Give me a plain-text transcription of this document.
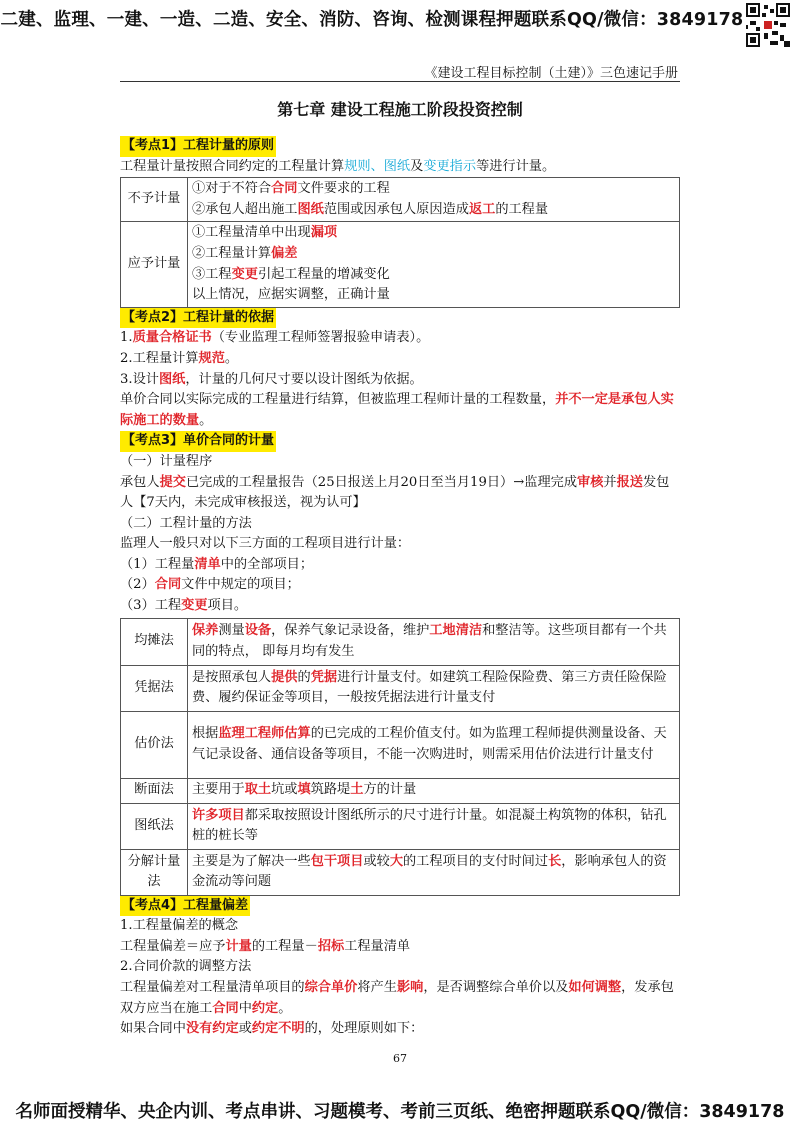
二建、监理、一建、一造、二造、安全、消防、咨询、检测课程押题联系QQ/微信：3849178
《建设工程目标控制（土建）》三色速记手册
第七章 建设工程施工阶段投资控制
【考点1】工程计量的原则

工程量计量按照合同约定的工程量计算规则、图纸及变更指示等进行计量。

不予计量	①对于不符合合同文件要求的工程
②承包人超出施工图纸范围或因承包人原因造成返工的工程量

应予计量	①工程量清单中出现漏项
②工程量计算偏差
③工程变更引起工程量的增减变化
以上情况，应据实调整，正确计量
【考点2】工程计量的依据

1.质量合格证书（专业监理工程师签署报验申请表）。

2.工程量计算规范。

3.设计图纸，计量的几何尺寸要以设计图纸为依据。

单价合同以实际完成的工程量进行结算，但被监理工程师计量的工程数量，并不一定是承包人实际施工的数量。

【考点3】单价合同的计量

（一）计量程序

承包人提交已完成的工程量报告（25日报送上月20日至当月19日）→监理完成审核并报送发包人【7天内，未完成审核报送，视为认可】

（二）工程计量的方法

监理人一般只对以下三方面的工程项目进行计量：

（1）工程量清单中的全部项目；

（2）合同文件中规定的项目；

（3）工程变更项目。

均摊法	保养测量设备，保养气象记录设备，维护工地清洁和整洁等。这些项目都有一个共同的特点， 即每月均有发生
凭据法	是按照承包人提供的凭据进行计量支付。如建筑工程险保险费、第三方责任险保险费、履约保证金等项目，一般按凭据法进行计量支付
估价法	根据监理工程师估算的已完成的工程价值支付。如为监理工程师提供测量设备、天气记录设备、通信设备等项目，不能一次购进时，则需采用估价法进行计量支付
断面法	主要用于取土坑或填筑路堤土方的计量
图纸法	许多项目都采取按照设计图纸所示的尺寸进行计量。如混凝土构筑物的体积，钻孔桩的桩长等
分解计量法	主要是为了解决一些包干项目或较大的工程项目的支付时间过长，影响承包人的资金流动等问题
【考点4】工程量偏差

1.工程量偏差的概念

工程量偏差＝应予计量的工程量－招标工程量清单

2.合同价款的调整方法

工程量偏差对工程量清单项目的综合单价将产生影响，是否调整综合单价以及如何调整，发承包双方应当在施工合同中约定。

如果合同中没有约定或约定不明的，处理原则如下：

67
名师面授精华、央企内训、考点串讲、习题模考、考前三页纸、绝密押题联系QQ/微信：3849178
